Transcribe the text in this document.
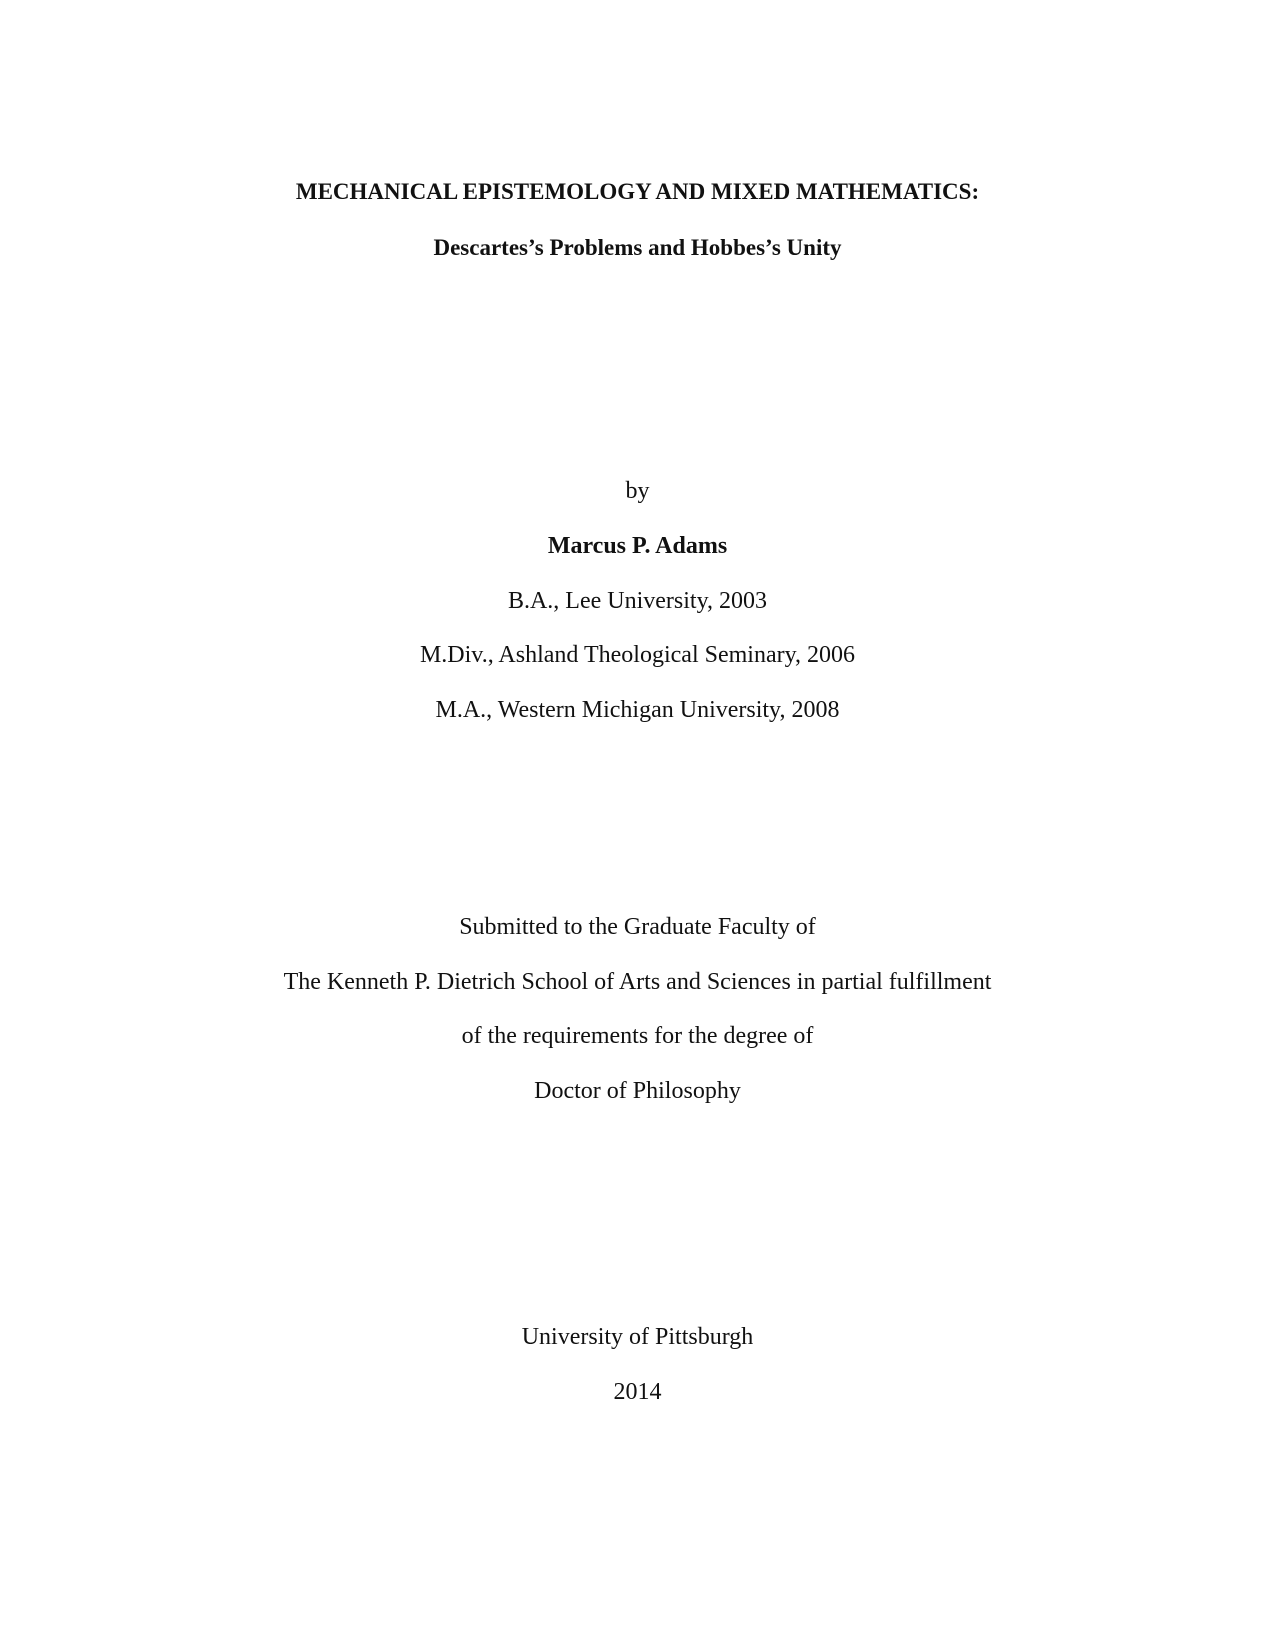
MECHANICAL EPISTEMOLOGY AND MIXED MATHEMATICS:
Descartes’s Problems and Hobbes’s Unity
by
Marcus P. Adams
B.A., Lee University, 2003
M.Div., Ashland Theological Seminary, 2006
M.A., Western Michigan University, 2008
Submitted to the Graduate Faculty of
The Kenneth P. Dietrich School of Arts and Sciences in partial fulfillment
of the requirements for the degree of
Doctor of Philosophy
University of Pittsburgh
2014
